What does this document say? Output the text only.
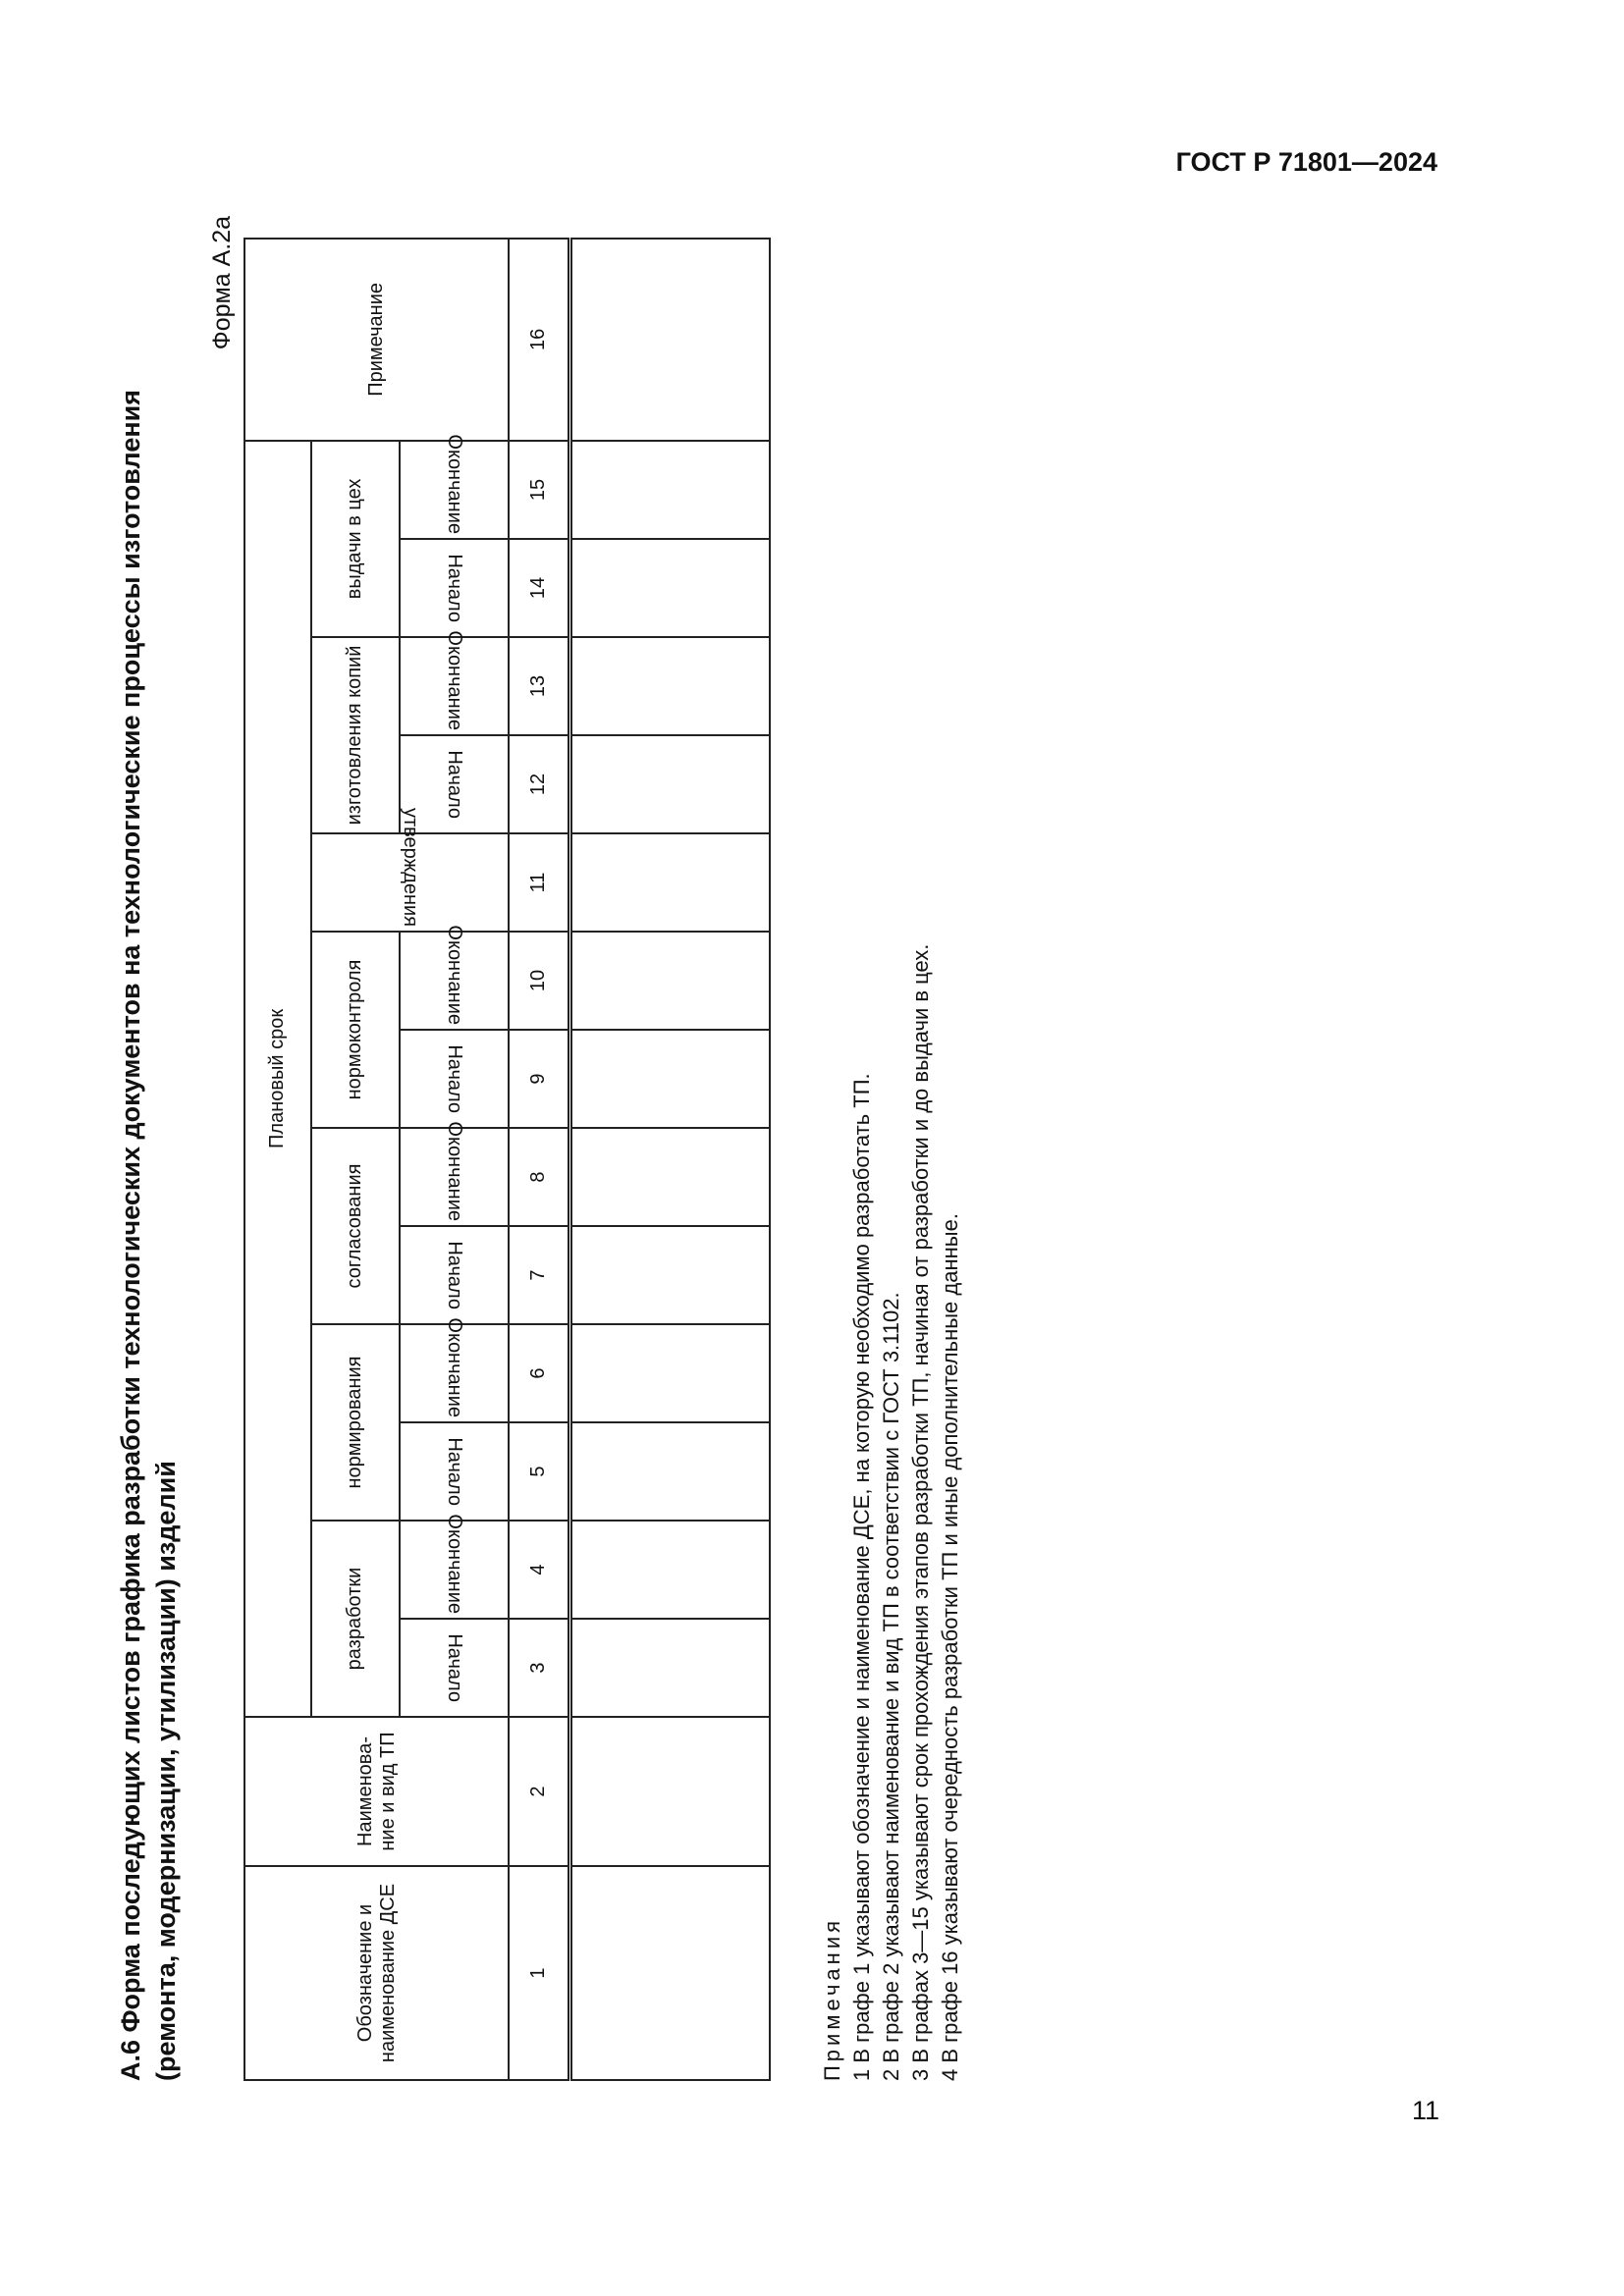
ГОСТ Р 71801—2024
А.6 Форма последующих листов графика разработки технологических документов на технологические процессы изготовления (ремонта, модернизации, утилизации) изделий
Форма А.2а
Обозначение и наименование ДСЕ	Наименова-ние и вид ТП	Плановый срок													Примечание
		разработки		нормирования		согласования		нормоконтроля		утверждения	изготовления копий		выдачи в цех		
		Начало	Окончание	Начало	Окончание	Начало	Окончание	Начало	Окончание		Начало	Окончание	Начало	Окончание	
1	2	3	4	5	6	7	8	9	10	11	12	13	14	15	16

Примечания 1 В графе 1 указывают обозначение и наименование ДСЕ, на которую необходимо разработать ТП. 2 В графе 2 указывают наименование и вид ТП в соответствии с ГОСТ 3.1102. 3 В графах 3—15 указывают срок прохождения этапов разработки ТП, начиная от разработки и до выдачи в цех. 4 В графе 16 указывают очередность разработки ТП и иные дополнительные данные.
11
